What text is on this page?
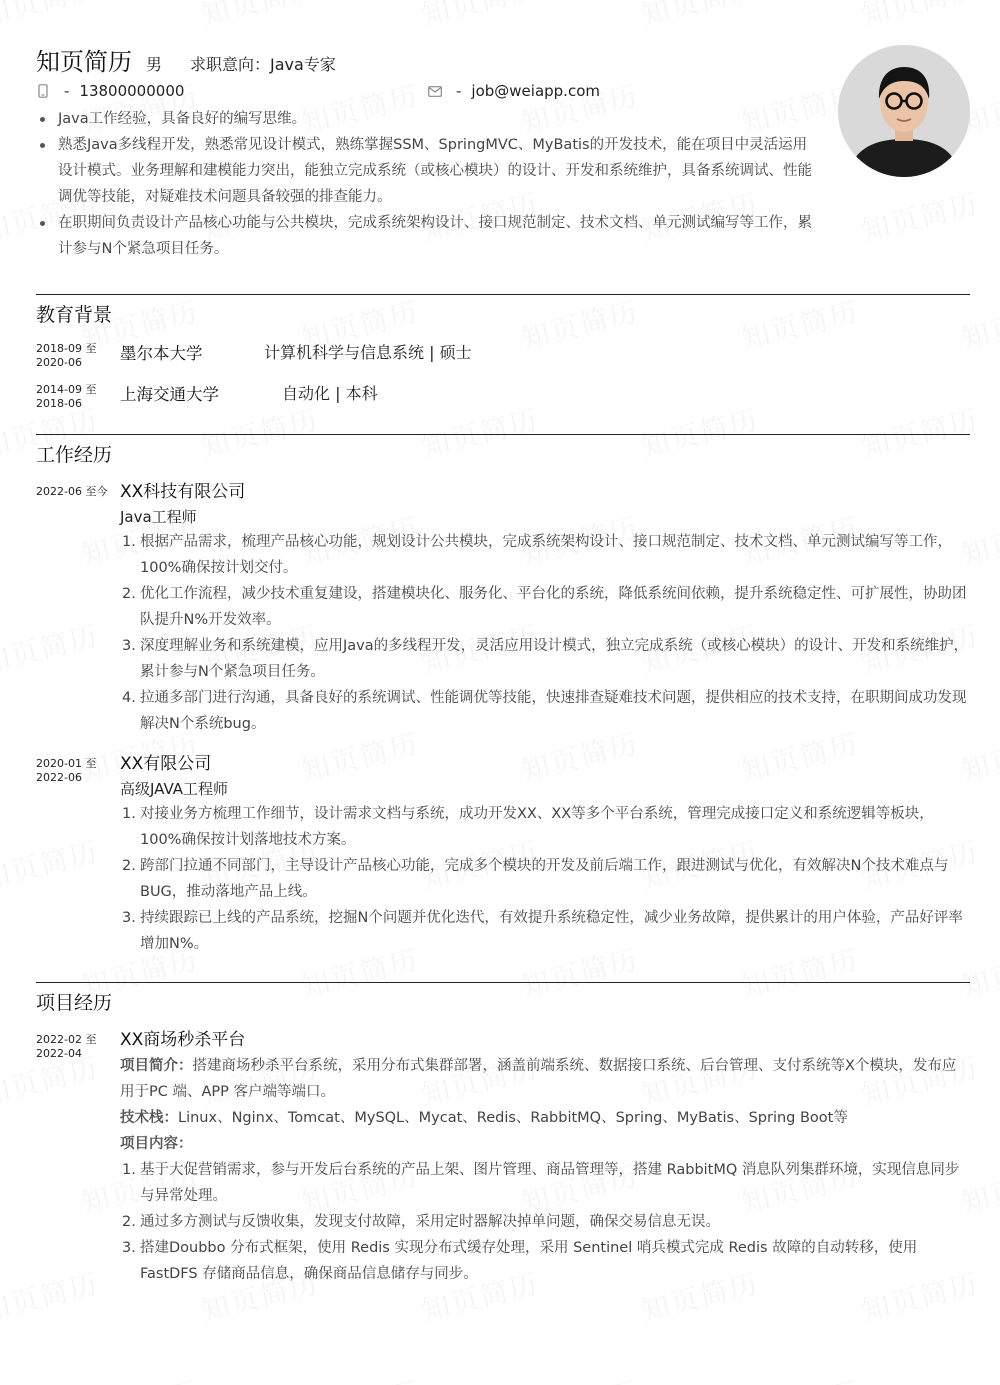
知页简历 男 求职意向： Java专家
- 13800000000	- job@weiapp.com
Java工作经验，具备良好的编写思维。
熟悉Java多线程开发，熟悉常见设计模式，熟练掌握SSM、SpringMVC、MyBatis的开发技术，能在项目中灵活运用设计模式。业务理解和建模能力突出，能独立完成系统（或核心模块）的设计、开发和系统维护，具备系统调试、性能调优等技能，对疑难技术问题具备较强的排查能力。
在职期间负责设计产品核心功能与公共模块，完成系统架构设计、接口规范制定、技术文档、单元测试编写等工作，累计参与N个紧急项目任务。
教育背景
2018-09 至
2020-06	墨尔本大学	计算机科学与信息系统 | 硕士
2014-09 至
2018-06	上海交通大学	自动化 | 本科
工作经历
2022-06 至今 XX科技有限公司
Java工程师
1. 根据产品需求，梳理产品核心功能，规划设计公共模块，完成系统架构设计、接口规范制定、技术文档、单元测试编写等工作，100%确保按计划交付。
2. 优化工作流程，减少技术重复建设，搭建模块化、服务化、平台化的系统，降低系统间依赖，提升系统稳定性、可扩展性，协助团队提升N%开发效率。
3. 深度理解业务和系统建模，应用Java的多线程开发，灵活应用设计模式，独立完成系统（或核心模块）的设计、开发和系统维护，累计参与N个紧急项目任务。
4. 拉通多部门进行沟通，具备良好的系统调试、性能调优等技能，快速排查疑难技术问题，提供相应的技术支持，在职期间成功发现解决N个系统bug。
2020-01 至
2022-06
XX有限公司
高级JAVA工程师
1. 对接业务方梳理工作细节，设计需求文档与系统，成功开发XX、XX等多个平台系统，管理完成接口定义和系统逻辑等板块，100%确保按计划落地技术方案。
2. 跨部门拉通不同部门，主导设计产品核心功能，完成多个模块的开发及前后端工作，跟进测试与优化，有效解决N个技术难点与BUG，推动落地产品上线。
3. 持续跟踪已上线的产品系统，挖掘N个问题并优化迭代，有效提升系统稳定性，减少业务故障，提供累计的用户体验，产品好评率增加N%。
项目经历
2022-02 至
2022-04
XX商场秒杀平台
项目简介：搭建商场秒杀平台系统，采用分布式集群部署，涵盖前端系统、数据接口系统、后台管理、支付系统等X个模块，发布应用于PC 端、APP 客户端等端口。
技术栈：Linux、Nginx、Tomcat、MySQL、Mycat、Redis、RabbitMQ、Spring、MyBatis、Spring Boot等
项目内容：
1. 基于大促营销需求，参与开发后台系统的产品上架、图片管理、商品管理等，搭建 RabbitMQ 消息队列集群环境，实现信息同步与异常处理。
2. 通过多方测试与反馈收集，发现支付故障，采用定时器解决掉单问题，确保交易信息无误。
3. 搭建Doubbo 分布式框架，使用 Redis 实现分布式缓存处理，采用 Sentinel 哨兵模式完成 Redis 故障的自动转移，使用 FastDFS 存储商品信息，确保商品信息储存与同步。
